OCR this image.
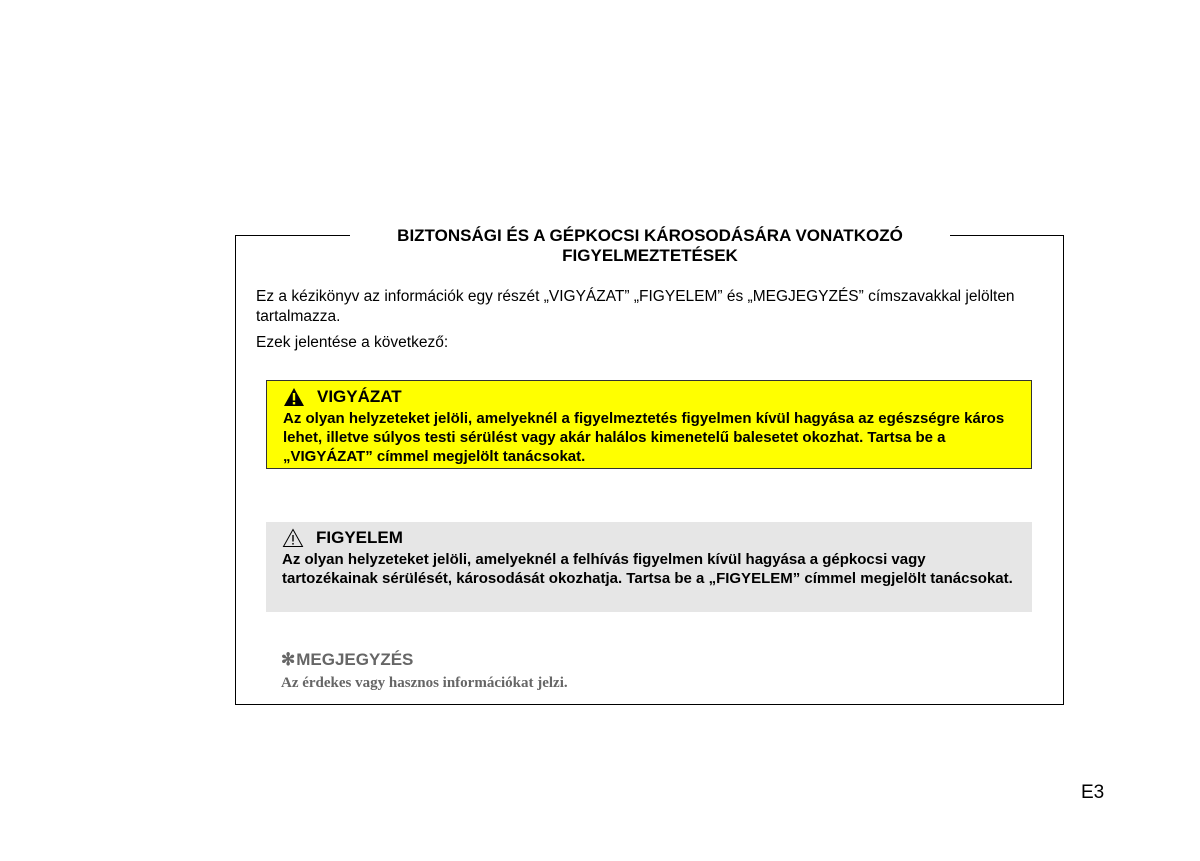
BIZTONSÁGI ÉS A GÉPKOCSI KÁROSODÁSÁRA VONATKOZÓ
FIGYELMEZTETÉSEK

Ez a kézikönyv az információk egy részét „VIGYÁZAT” „FIGYELEM” és „MEGJEGYZÉS” címszavakkal jelölten tartalmazza.

Ezek jelentése a következő:

VIGYÁZAT
Az olyan helyzeteket jelöli, amelyeknél a figyelmeztetés figyelmen kívül hagyása az egészségre káros lehet, illetve súlyos testi sérülést vagy akár halálos kimenetelű balesetet okozhat. Tartsa be a „VIGYÁZAT” címmel megjelölt tanácsokat.
FIGYELEM
Az olyan helyzeteket jelöli, amelyeknél a felhívás figyelmen kívül hagyása a gépkocsi vagy tartozékainak sérülését, károsodását okozhatja. Tartsa be a „FIGYELEM” címmel megjelölt tanácsokat.
✻ MEGJEGYZÉS
Az érdekes vagy hasznos információkat jelzi.
E3
